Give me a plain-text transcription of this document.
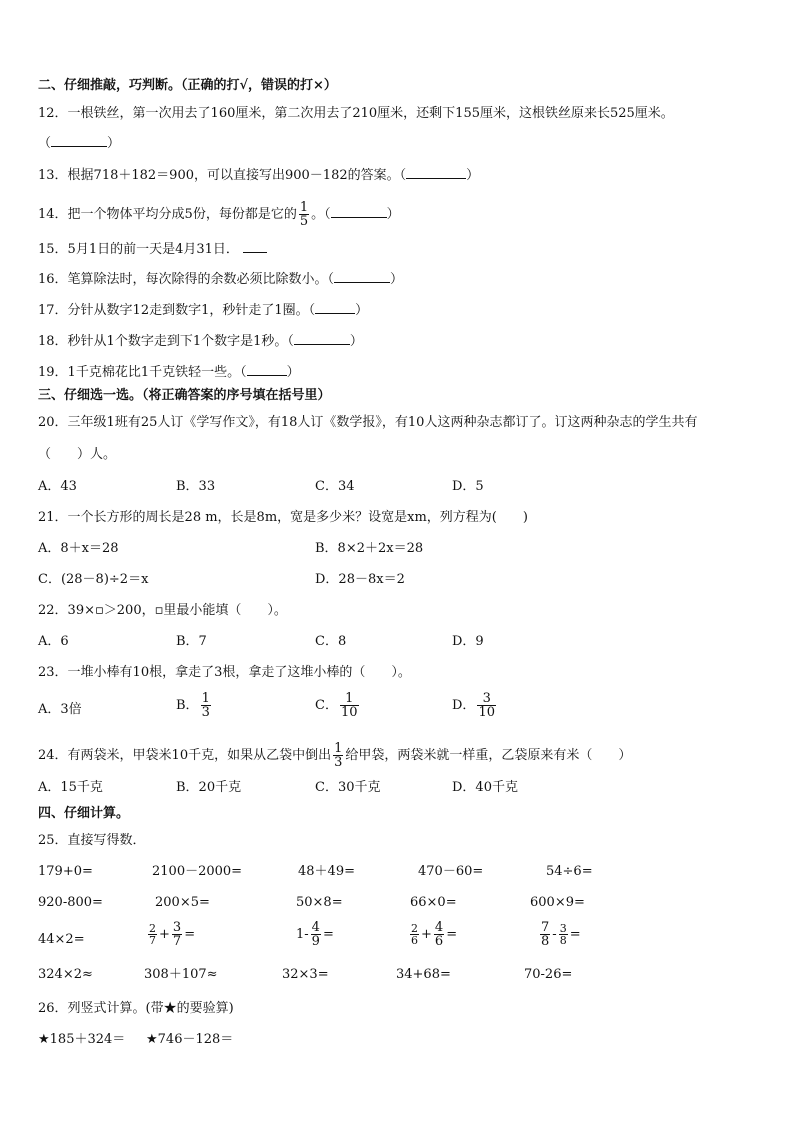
二、仔细推敲，巧判断。（正确的打√，错误的打×）
12．一根铁丝，第一次用去了160厘米，第二次用去了210厘米，还剩下155厘米，这根铁丝原来长525厘米。
（	）
13．根据718＋182＝900，可以直接写出900－182的答案。（	）
14．把一个物体平均分成5份，每份都是它的 $\frac{1}{5}$ 。（	）
15．5月1日的前一天是4月31日．
16．笔算除法时，每次除得的余数必须比除数小。（	）
17．分针从数字12走到数字1，秒针走了1圈。（	）
18．秒针从1个数字走到下1个数字是1秒。（	）
19．1千克棉花比1千克铁轻一些。（	）
三、仔细选一选。（将正确答案的序号填在括号里）
20．三年级1班有25人订《学写作文》，有18人订《数学报》，有10人这两种杂志都订了。订这两种杂志的学生共有
（　　）人。
A．43	B．33	C．34	D．5
21．一个长方形的周长是28 m，长是8m，宽是多少米？设宽是xm，列方程为(　　)
A．8＋x＝28	B．8×2＋2x＝28
C．(28－8)÷2＝x	D．28－8x＝2
22．39×▫＞200，▫里最小能填（　　）。
A．6	B．7	C．8	D．9
23．一堆小棒有10根，拿走了3根，拿走了这堆小棒的（　　）。
A．3倍	B． $\frac{1}{3}$	C． $\frac{1}{10}$	D． $\frac{3}{10}$
24．有两袋米，甲袋米10千克，如果从乙袋中倒出 $\frac{1}{3}$ 给甲袋，两袋米就一样重，乙袋原来有米（　　）
A．15千克	B．20千克	C．30千克	D．40千克
四、仔细计算。
25．直接写得数．
179+0=	2100－2000=	48＋49=	470－60=	54÷6=
920-800=	200×5=	50×8=	66×0=	600×9=
44×2=	$\frac{2}{7} + \frac{3}{7}$ =	$1- \frac{4}{9}$ =	$\frac{2}{6} + \frac{4}{6}$ =	$\frac{7}{8} - \frac{3}{8}$ =
324×2≈	308＋107≈	32×3=	34+68=	70-26=
26．列竖式计算。(带★的要验算)
★185＋324＝ ★746－128＝
